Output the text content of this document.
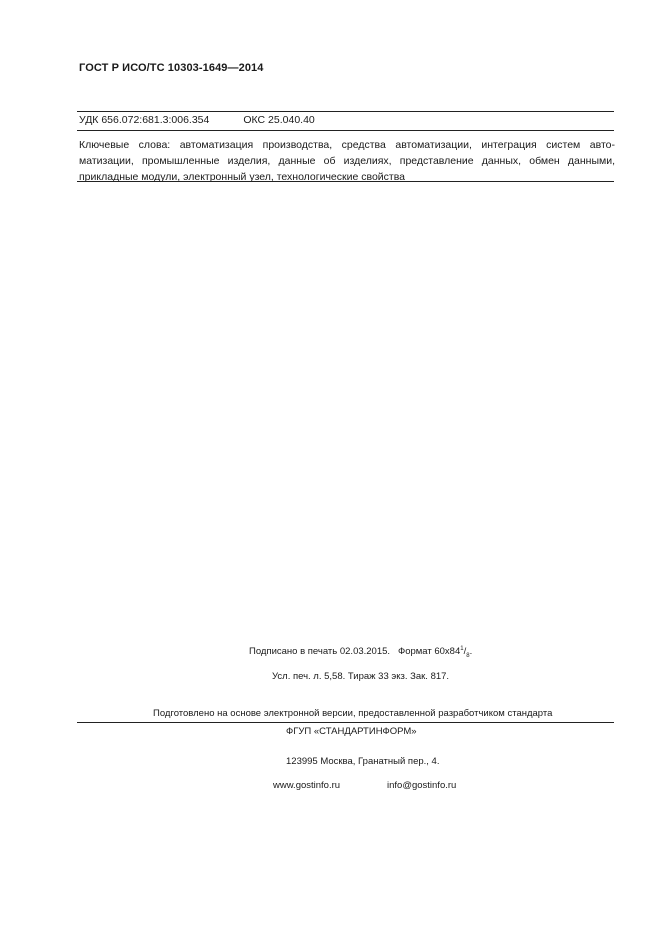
ГОСТ Р ИСО/ТС 10303-1649—2014
УДК 656.072:681.3:006.354	ОКС 25.040.40
Ключевые слова: автоматизация производства, средства автоматизации, интеграция систем авто-
матизации, промышленные изделия, данные об изделиях, представление данных, обмен данными,
прикладные модули, электронный узел, технологические свойства
Подписано в печать 02.03.2015.   Формат $60x84^1/_8$.
Усл. печ. л. 5,58. Тираж 33 экз. Зак. 817.
Подготовлено на основе электронной версии, предоставленной разработчиком стандарта
ФГУП «СТАНДАРТИНФОРМ»
123995 Москва, Гранатный пер., 4.
www.gostinfo.ru	info@gostinfo.ru
